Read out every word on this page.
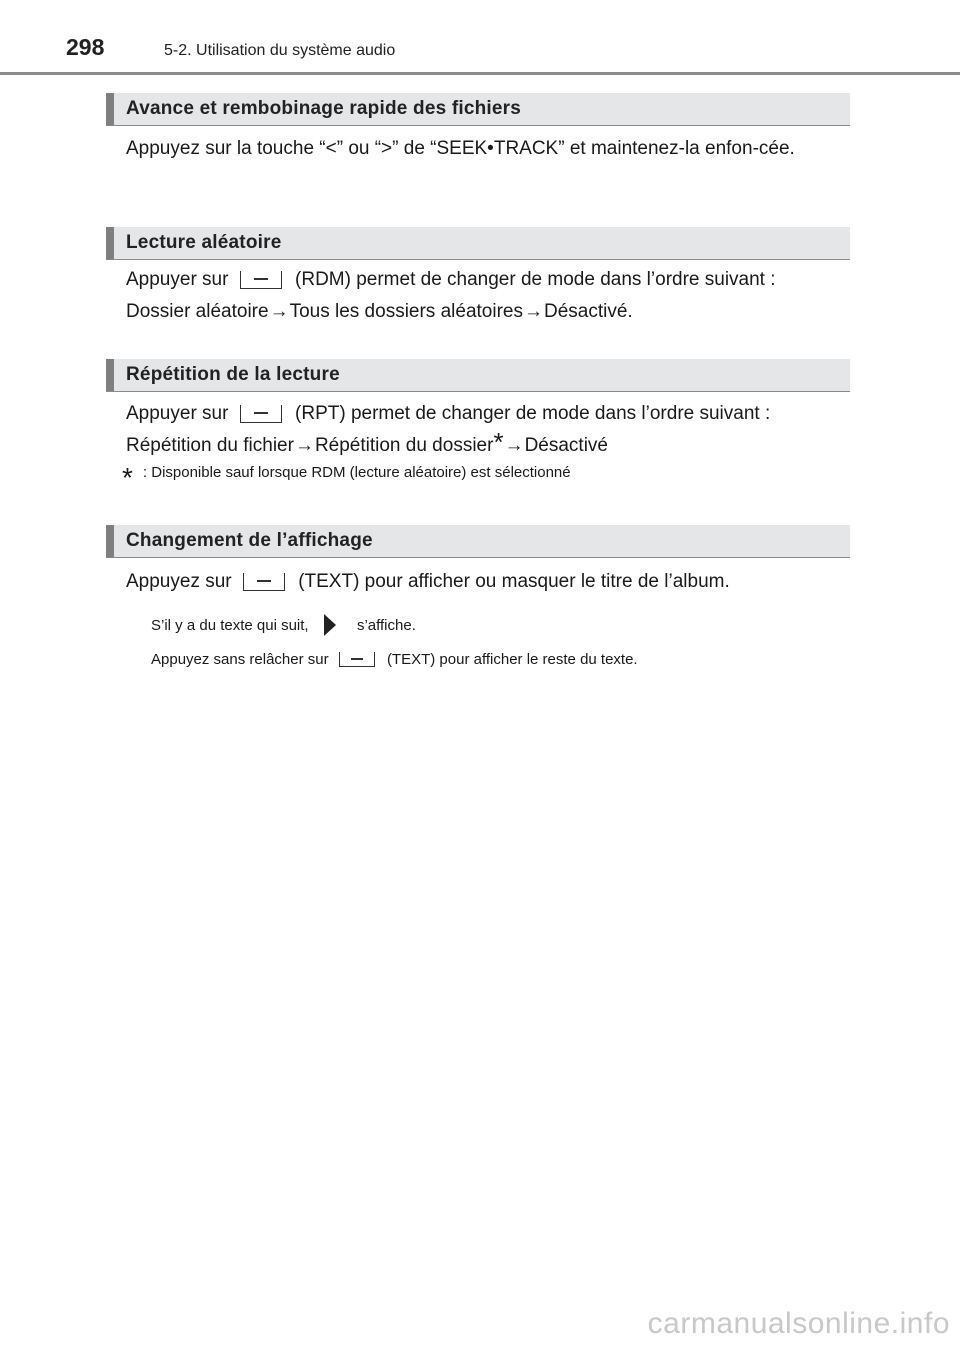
298	5-2. Utilisation du système audio
Avance et rembobinage rapide des fichiers
Appuyez sur la touche “<” ou “>” de “SEEK•TRACK” et maintenez-la enfon-cée.
Lecture aléatoire
Appuyer sur	(RDM) permet de changer de mode dans l’ordre suivant :
Dossier aléatoire→Tous les dossiers aléatoires→Désactivé.
Répétition de la lecture
Appuyer sur	(RPT) permet de changer de mode dans l’ordre suivant :
Répétition du fichier→Répétition du dossier*→Désactivé
* : Disponible sauf lorsque RDM (lecture aléatoire) est sélectionné
Changement de l’affichage
Appuyez sur	(TEXT) pour afficher ou masquer le titre de l’album.
S’il y a du texte qui suit,	s’affiche.
Appuyez sans relâcher sur	(TEXT) pour afficher le reste du texte.
carmanualsonline.info
